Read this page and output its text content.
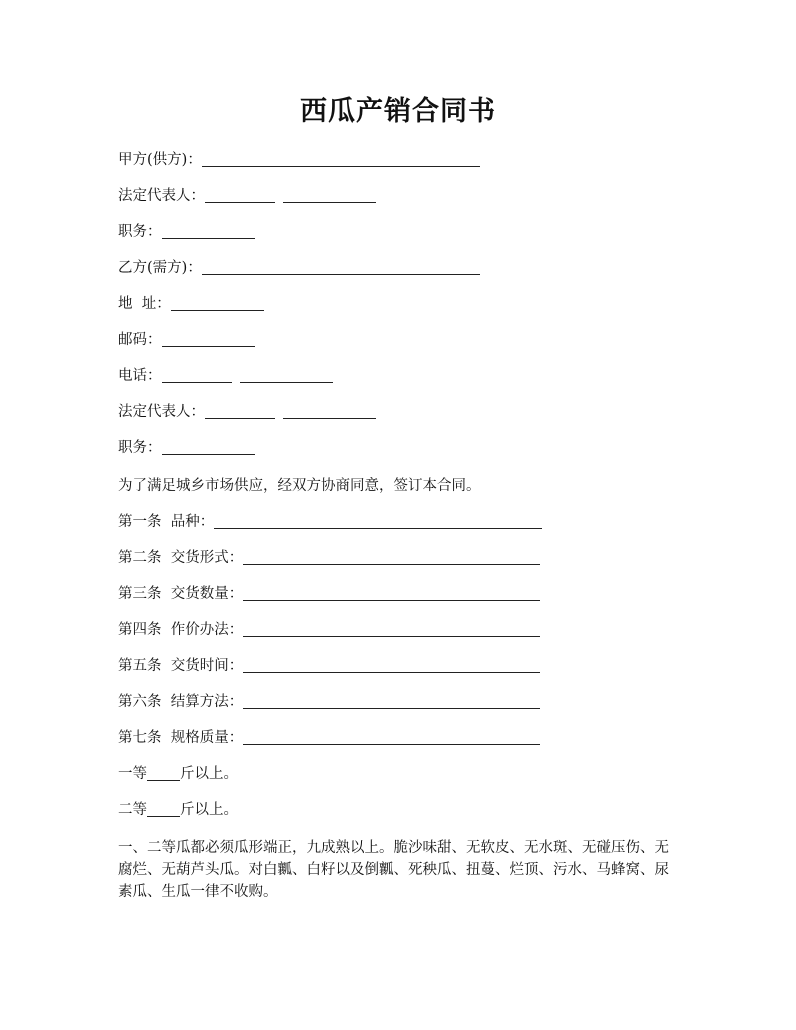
西瓜产销合同书
甲方(供方)：
法定代表人：
职务：
乙方(需方)：
地  址：
邮码：
电话：
法定代表人：
职务：
为了满足城乡市场供应，经双方协商同意，签订本合同。
第一条  品种：
第二条  交货形式：
第三条  交货数量：
第四条  作价办法：
第五条  交货时间：
第六条  结算方法：
第七条  规格质量：
一等 斤以上。
二等 斤以上。
一、二等瓜都必须瓜形端正，九成熟以上。脆沙味甜、无软皮、无水斑、无碰压伤、无腐烂、无葫芦头瓜。对白瓤、白籽以及倒瓤、死秧瓜、扭蔓、烂顶、污水、马蜂窝、尿素瓜、生瓜一律不收购。
